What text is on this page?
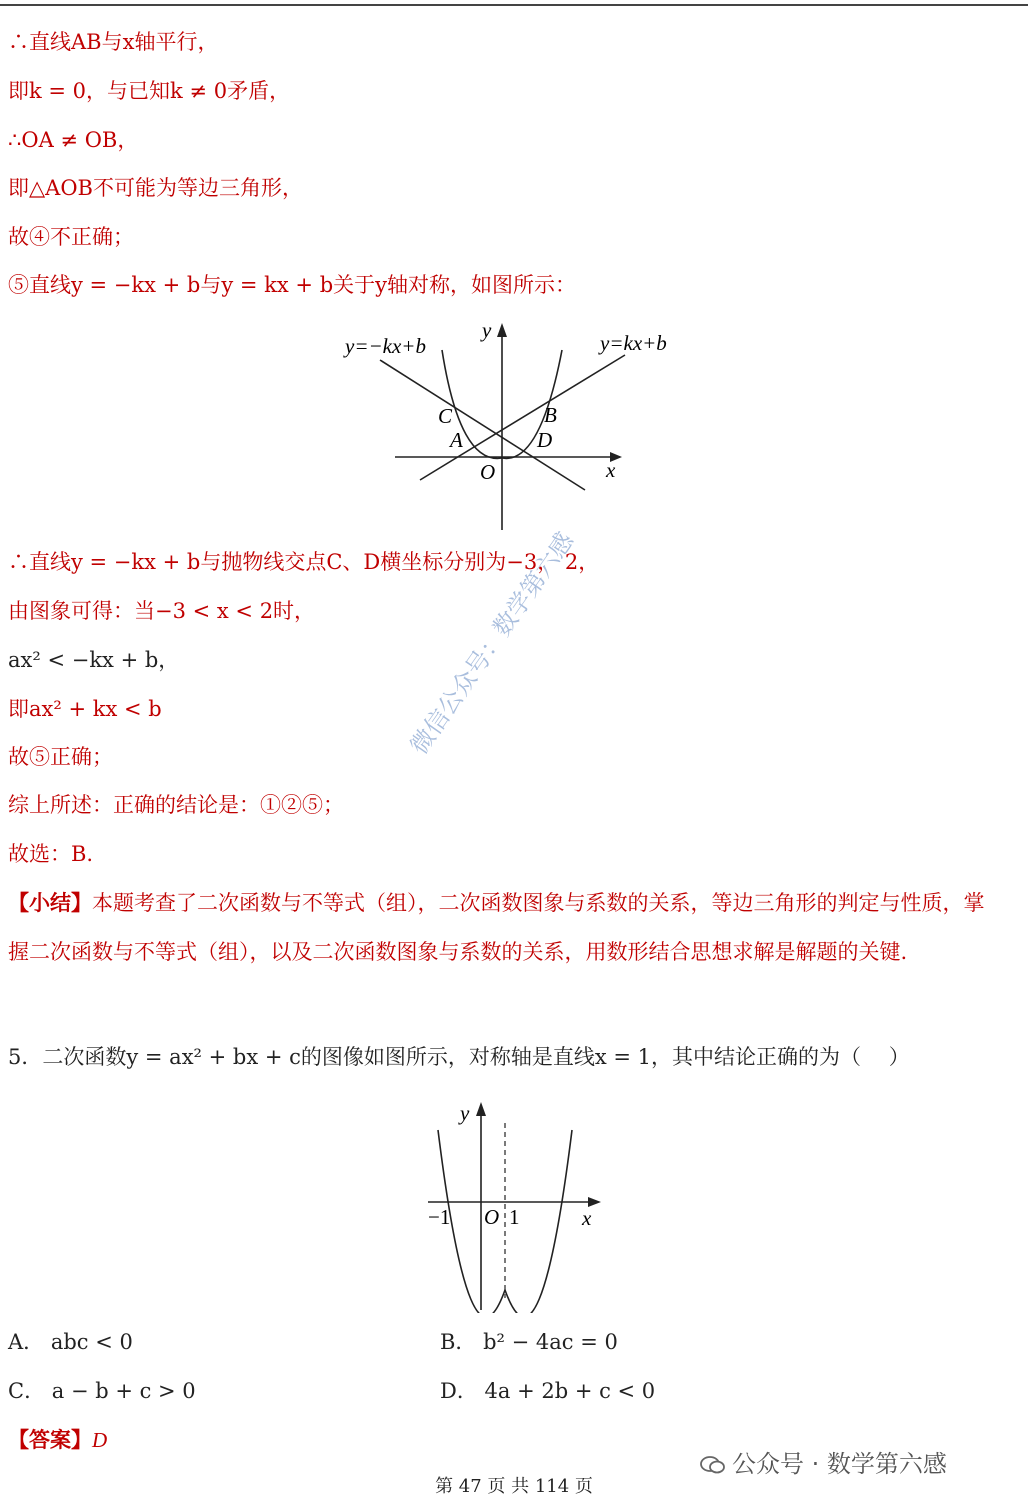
∴直线AB与x轴平行，
即k = 0，与已知k ≠ 0矛盾，
∴OA ≠ OB，
即△AOB不可能为等边三角形，
故④不正确；
⑤直线y = −kx + b与y = kx + b关于y轴对称，如图所示：
y=−kx+b	y=kx+b
y
x
O
A
B
C
D
∴直线y = −kx + b与抛物线交点C、D横坐标分别为−3， 2，
由图象可得：当−3 < x < 2时，
ax² < −kx + b，
即ax² + kx < b
故⑤正确；
综上所述：正确的结论是：①②⑤；
故选：B.
微信公众号：数学第六感
【小结】本题考查了二次函数与不等式（组），二次函数图象与系数的关系，等边三角形的判定与性质，掌
握二次函数与不等式（组），以及二次函数图象与系数的关系，用数形结合思想求解是解题的关键.
5．二次函数y = ax² + bx + c的图像如图所示，对称轴是直线x = 1，其中结论正确的为（　 ）
y
x
O
−1	1
A． abc < 0	B． b² − 4ac = 0
C． a − b + c > 0	D． 4a + 2b + c < 0
【答案】D
公众号 · 数学第六感
第 47 页 共 114 页
